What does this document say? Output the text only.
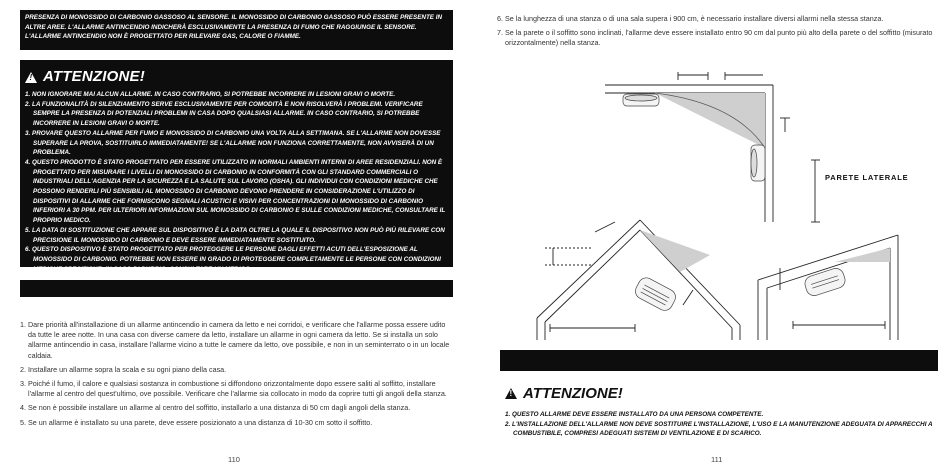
PRESENZA DI MONOSSIDO DI CARBONIO GASSOSO AL SENSORE. IL MONOSSIDO DI CARBONIO GASSOSO PUÒ ESSERE PRESENTE IN ALTRE AREE. L'ALLARME ANTINCENDIO INDICHERÀ ESCLUSIVAMENTE LA PRESENZA DI FUMO CHE RAGGIUNGE IL SENSORE. L'ALLARME ANTINCENDIO NON È PROGETTATO PER RILEVARE GAS, CALORE O FIAMME.
!
ATTENZIONE!
1. NON IGNORARE MAI ALCUN ALLARME. IN CASO CONTRARIO, SI POTREBBE INCORRERE IN LESIONI GRAVI O MORTE.
2. LA FUNZIONALITÀ DI SILENZIAMENTO SERVE ESCLUSIVAMENTE PER COMODITÀ E NON RISOLVERÀ I PROBLEMI. VERIFICARE SEMPRE LA PRESENZA DI POTENZIALI PROBLEMI IN CASA DOPO QUALSIASI ALLARME. IN CASO CONTRARIO, SI POTREBBE INCORRERE IN LESIONI GRAVI O MORTE.
3. PROVARE QUESTO ALLARME PER FUMO E MONOSSIDO DI CARBONIO UNA VOLTA ALLA SETTIMANA. SE L'ALLARME NON DOVESSE SUPERARE LA PROVA, SOSTITUIRLO IMMEDIATAMENTE! SE L'ALLARME NON FUNZIONA CORRETTAMENTE, NON AVVISERÀ DI UN PROBLEMA.
4. QUESTO PRODOTTO È STATO PROGETTATO PER ESSERE UTILIZZATO IN NORMALI AMBIENTI INTERNI DI AREE RESIDENZIALI. NON È PROGETTATO PER MISURARE I LIVELLI DI MONOSSIDO DI CARBONIO IN CONFORMITÀ CON GLI STANDARD COMMERCIALI O INDUSTRIALI DELL'AGENZIA PER LA SICUREZZA E LA SALUTE SUL LAVORO (OSHA). GLI INDIVIDUI CON CONDIZIONI MEDICHE CHE POSSONO RENDERLI PIÙ SENSIBILI AL MONOSSIDO DI CARBONIO DEVONO PRENDERE IN CONSIDERAZIONE L'UTILIZZO DI DISPOSITIVI DI ALLARME CHE FORNISCONO SEGNALI ACUSTICI E VISIVI PER CONCENTRAZIONI DI MONOSSIDO DI CARBONIO INFERIORI A 30 PPM. PER ULTERIORI INFORMAZIONI SUL MONOSSIDO DI CARBONIO E SULLE CONDIZIONI MEDICHE, CONSULTARE IL PROPRIO MEDICO.
5. LA DATA DI SOSTITUZIONE CHE APPARE SUL DISPOSITIVO È LA DATA OLTRE LA QUALE IL DISPOSITIVO NON PUÒ PIÙ RILEVARE CON PRECISIONE IL MONOSSIDO DI CARBONIO E DEVE ESSERE IMMEDIATAMENTE SOSTITUITO.
6. QUESTO DISPOSITIVO È STATO PROGETTATO PER PROTEGGERE LE PERSONE DAGLI EFFETTI ACUTI DELL'ESPOSIZIONE AL MONOSSIDO DI CARBONIO. POTREBBE NON ESSERE IN GRADO DI PROTEGGERE COMPLETAMENTE LE PERSONE CON CONDIZIONI MEDICHE SPECIFICHE. IN CASO DI DUBBIO, CONSULTARE UN MEDICO.
1. Dare priorità all'installazione di un allarme antincendio in camera da letto e nei corridoi, e verificare che l'allarme possa essere udito da tutte le aree notte. In una casa con diverse camere da letto, installare un allarme in ogni camera da letto. Se si installa un solo allarme antincendio in casa, installare l'allarme vicino a tutte le camere da letto, ove possibile, e non in un seminterrato o in un locale caldaia.
2. Installare un allarme sopra la scala e su ogni piano della casa.
3. Poiché il fumo, il calore e qualsiasi sostanza in combustione si diffondono orizzontalmente dopo essere saliti al soffitto, installare l'allarme al centro del quest'ultimo, ove possibile. Verificare che l'allarme sia collocato in modo da coprire tutti gli angoli della stanza.
4. Se non è possibile installare un allarme al centro del soffitto, installarlo a una distanza di 50 cm dagli angoli della stanza.
5. Se un allarme è installato su una parete, deve essere posizionato a una distanza di 10-30 cm sotto il soffitto.
110
6. Se la lunghezza di una stanza o di una sala supera i 900 cm, è necessario installare diversi allarmi nella stessa stanza.
7. Se la parete o il soffitto sono inclinati, l'allarme deve essere installato entro 90 cm dal punto più alto della parete o del soffitto (misurato orizzontalmente) nella stanza.
PARETE LATERALE
!
ATTENZIONE!
1. QUESTO ALLARME DEVE ESSERE INSTALLATO DA UNA PERSONA COMPETENTE.
2. L'INSTALLAZIONE DELL'ALLARME NON DEVE SOSTITUIRE L'INSTALLAZIONE, L'USO E LA MANUTENZIONE ADEGUATA DI APPARECCHI A COMBUSTIBILE, COMPRESI ADEGUATI SISTEMI DI VENTILAZIONE E DI SCARICO.
111
